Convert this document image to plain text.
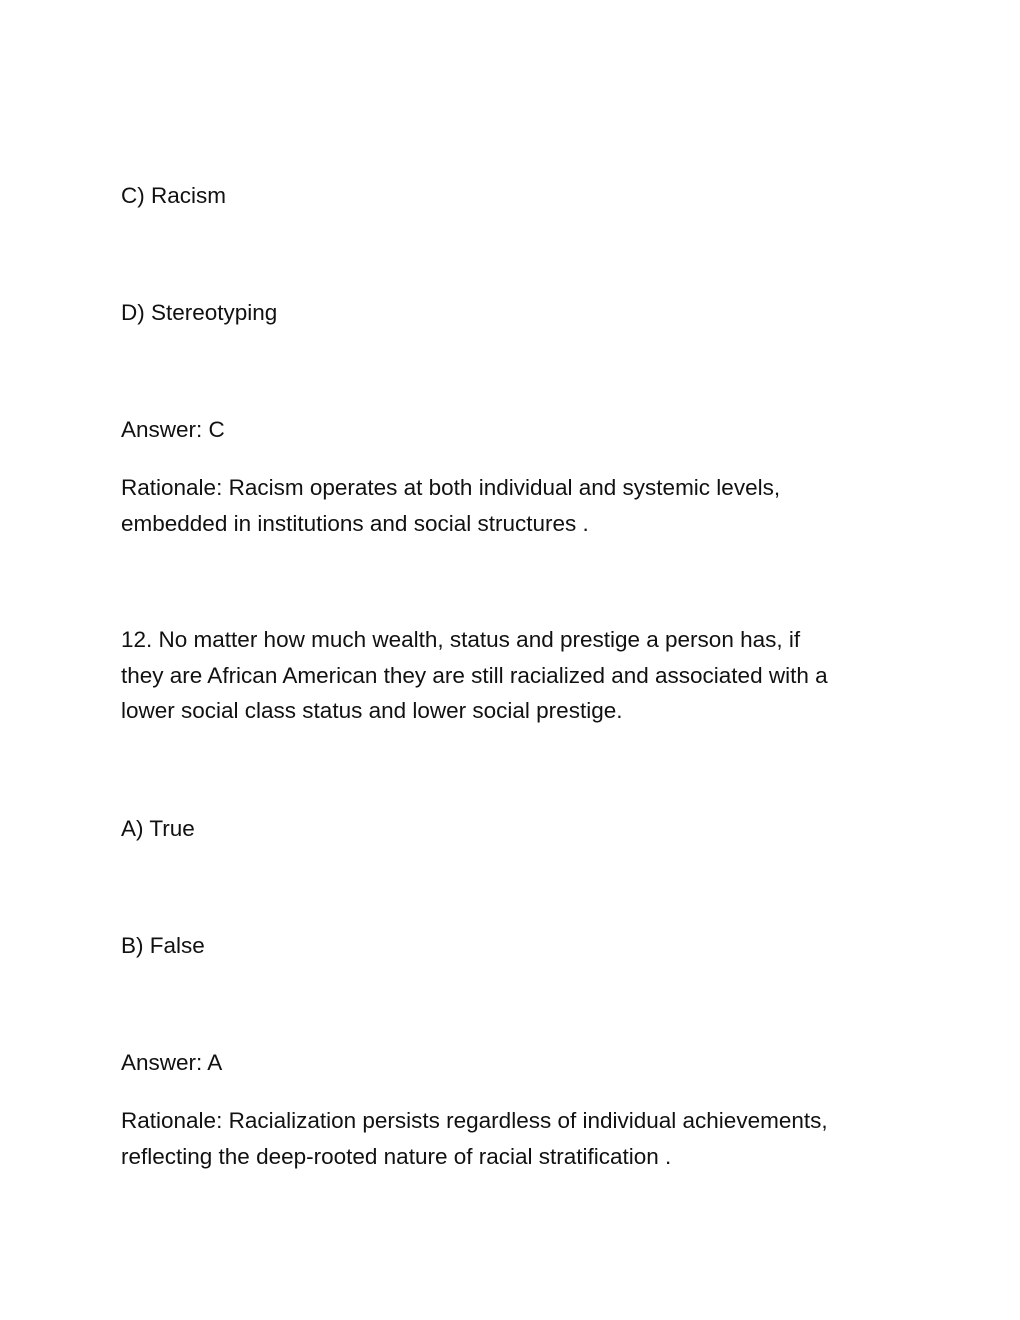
C) Racism
D) Stereotyping
Answer: C
Rationale: Racism operates at both individual and systemic levels,
embedded in institutions and social structures .
12. No matter how much wealth, status and prestige a person has, if
they are African American they are still racialized and associated with a
lower social class status and lower social prestige.
A) True
B) False
Answer: A
Rationale: Racialization persists regardless of individual achievements,
reflecting the deep-rooted nature of racial stratification .
